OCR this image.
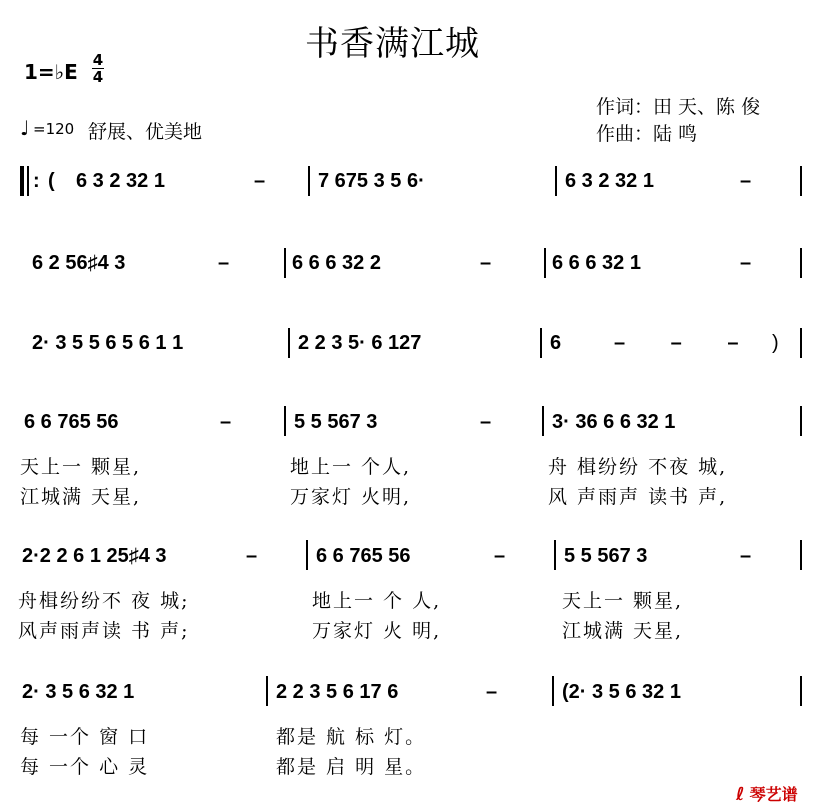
书香满江城
1=♭E 4
4
♩ =120 舒展、优美地
作词：田 天、陈 俊
作曲：陆 鸣
: ( 6 3 2 32 1	–	7 675 3 5 6·	6 3 2 32 1	–
6 2 56♯4 3	–	6 6 6 32 2	–	6 6 6 32 1	–
2· 3 5 5 6 5 6 1 1	2 2 3 5· 6 127	6	– – – )
6 6 765 56	–	5 5 567 3	–	3· 36 6 6 32 1
天上一 颗星,	地上一 个人,	舟 楫纷纷 不夜 城,
江城满 天星,	万家灯 火明,	风 声雨声 读书 声,
2·2 2 6 1 25♯4 3	–	6 6 765 56	–	5 5 567 3	–
舟楫纷纷不 夜 城;	地上一 个 人,	天上一 颗星,
风声雨声读 书 声;	万家灯 火 明,	江城满 天星,
2· 3 5 6 32 1	2 2 3 5 6 17 6	–	(2· 3 5 6 32 1
每 一个 窗 口	都是 航 标 灯。
每 一个 心 灵	都是 启 明 星。
ℓ 琴艺谱
